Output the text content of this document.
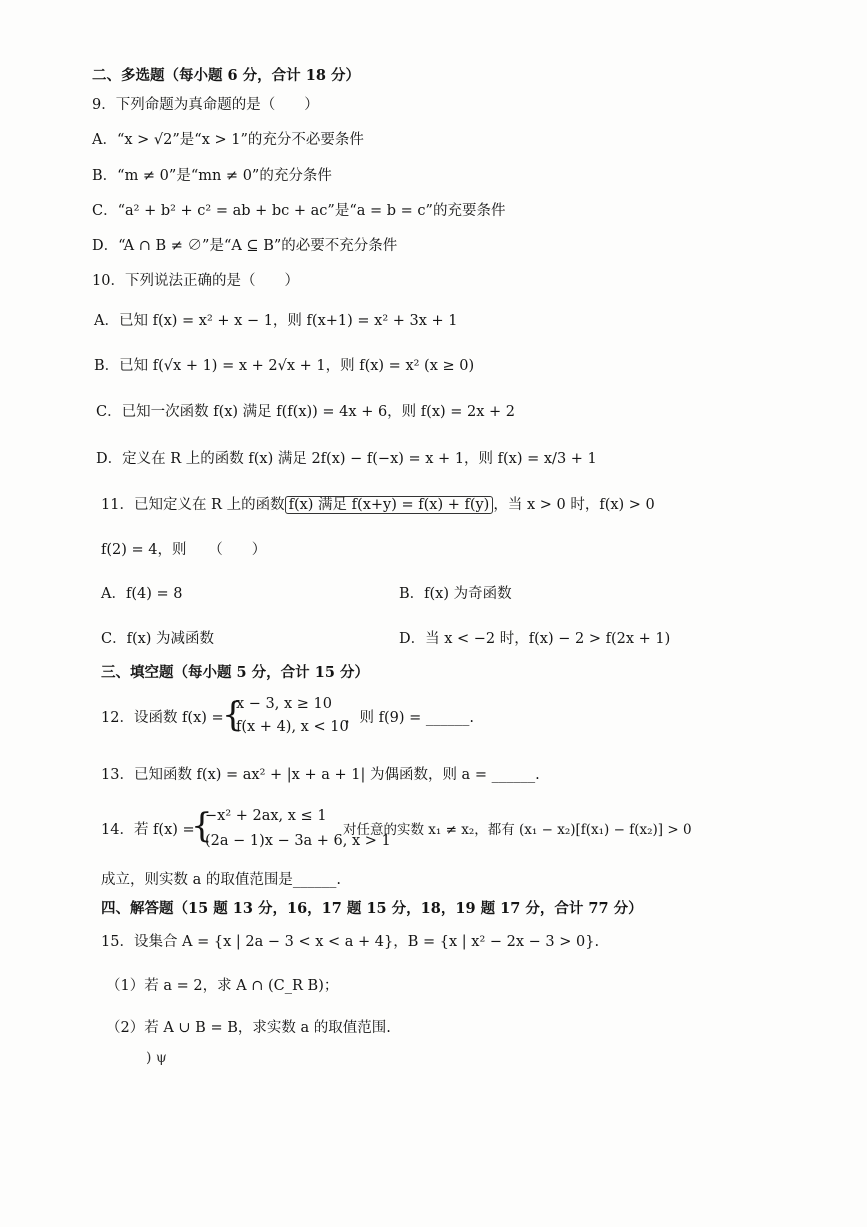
二、多选题（每小题 6 分，合计 18 分）
9．下列命题为真命题的是（　　）
A．“x > √2”是“x > 1”的充分不必要条件
B．“m ≠ 0”是“mn ≠ 0”的充分条件
C．“a² + b² + c² = ab + bc + ac”是“a = b = c”的充要条件
D．“A ∩ B ≠ ∅”是“A ⊆ B”的必要不充分条件
10．下列说法正确的是（　　）
A．已知 f(x) = x² + x − 1，则 f(x+1) = x² + 3x + 1
B．已知 f(√x + 1) = x + 2√x + 1，则 f(x) = x² (x ≥ 0)
C．已知一次函数 f(x) 满足 f(f(x)) = 4x + 6，则 f(x) = 2x + 2
D．定义在 R 上的函数 f(x) 满足 2f(x) − f(−x) = x + 1，则 f(x) = x/3 + 1
11．已知定义在 R 上的函数 f(x) 满足 f(x+y) = f(x) + f(y) ，当 x > 0 时，f(x) > 0
f(2) = 4，则　　（　　）
A．f(4) = 8	B．f(x) 为奇函数
C．f(x) 为减函数	D．当 x < −2 时，f(x) − 2 > f(2x + 1)
三、填空题（每小题 5 分，合计 15 分）
12．设函数 f(x) =
{
x − 3, x ≥ 10
f(x + 4), x < 10
，则 f(9) = ______.
13．已知函数 f(x) = ax² + |x + a + 1| 为偶函数，则 a = ______.
14．若 f(x) =
{
−x² + 2ax, x ≤ 1
(2a − 1)x − 3a + 6, x > 1
对任意的实数 x₁ ≠ x₂，都有 (x₁ − x₂)[f(x₁) − f(x₂)] > 0
成立，则实数 a 的取值范围是______.
四、解答题（15 题 13 分，16，17 题 15 分，18，19 题 17 分，合计 77 分）
15．设集合 A = {x | 2a − 3 < x < a + 4}，B = {x | x² − 2x − 3 > 0}.
（1）若 a = 2，求 A ∩ (C_R B)；
（2）若 A ∪ B = B，求实数 a 的取值范围.
) ψ
